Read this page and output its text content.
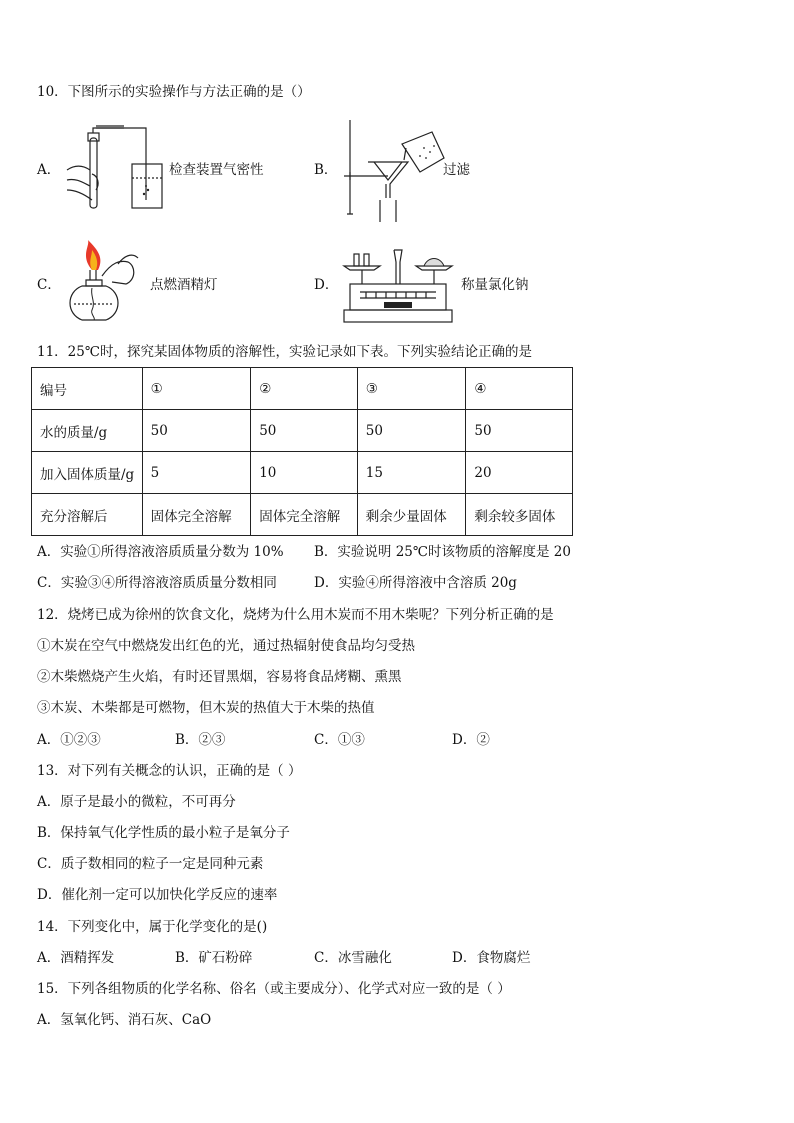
10．下图所示的实验操作与方法正确的是（）
A．	检查装置气密性	B．	过滤
C．	点燃酒精灯	D．	称量氯化钠
11．25℃时，探究某固体物质的溶解性，实验记录如下表。下列实验结论正确的是
编号	①	②	③	④
水的质量/g	50	50	50	50
加入固体质量/g	5	10	15	20
充分溶解后	固体完全溶解	固体完全溶解	剩余少量固体	剩余较多固体
A．实验①所得溶液溶质质量分数为 10% B．实验说明 25℃时该物质的溶解度是 20
C．实验③④所得溶液溶质质量分数相同	D．实验④所得溶液中含溶质 20g
12．烧烤已成为徐州的饮食文化，烧烤为什么用木炭而不用木柴呢？下列分析正确的是
①木炭在空气中燃烧发出红色的光，通过热辐射使食品均匀受热
②木柴燃烧产生火焰，有时还冒黑烟，容易将食品烤糊、熏黑
③木炭、木柴都是可燃物，但木炭的热值大于木柴的热值
A．①②③	B．②③	C．①③	D．②
13．对下列有关概念的认识，正确的是（ ）
A．原子是最小的微粒，不可再分
B．保持氧气化学性质的最小粒子是氧分子
C．质子数相同的粒子一定是同种元素
D．催化剂一定可以加快化学反应的速率
14．下列变化中，属于化学变化的是()
A．酒精挥发	B．矿石粉碎	C．冰雪融化	D．食物腐烂
15．下列各组物质的化学名称、俗名（或主要成分）、化学式对应一致的是（ ）
A．氢氧化钙、消石灰、CaO
